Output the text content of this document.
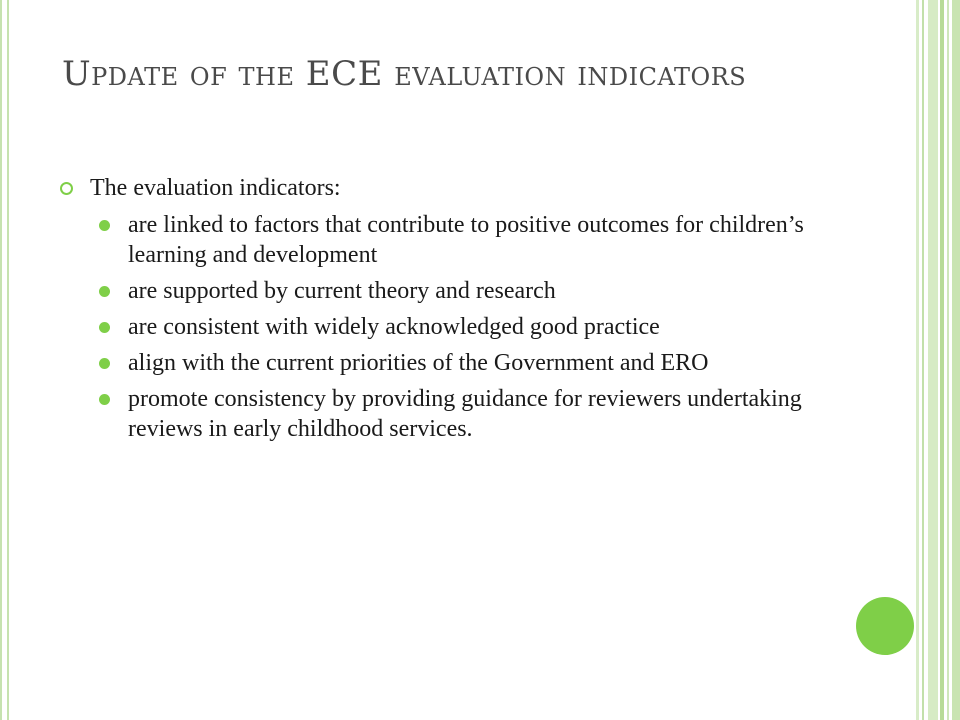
Update of the ECE evaluation indicators
The evaluation indicators:
are linked to factors that contribute to positive outcomes for children’s learning and development
are supported by current theory and research
are consistent with widely acknowledged good practice
align with the current priorities of the Government and ERO
promote consistency by providing guidance for reviewers undertaking reviews in early childhood services.
